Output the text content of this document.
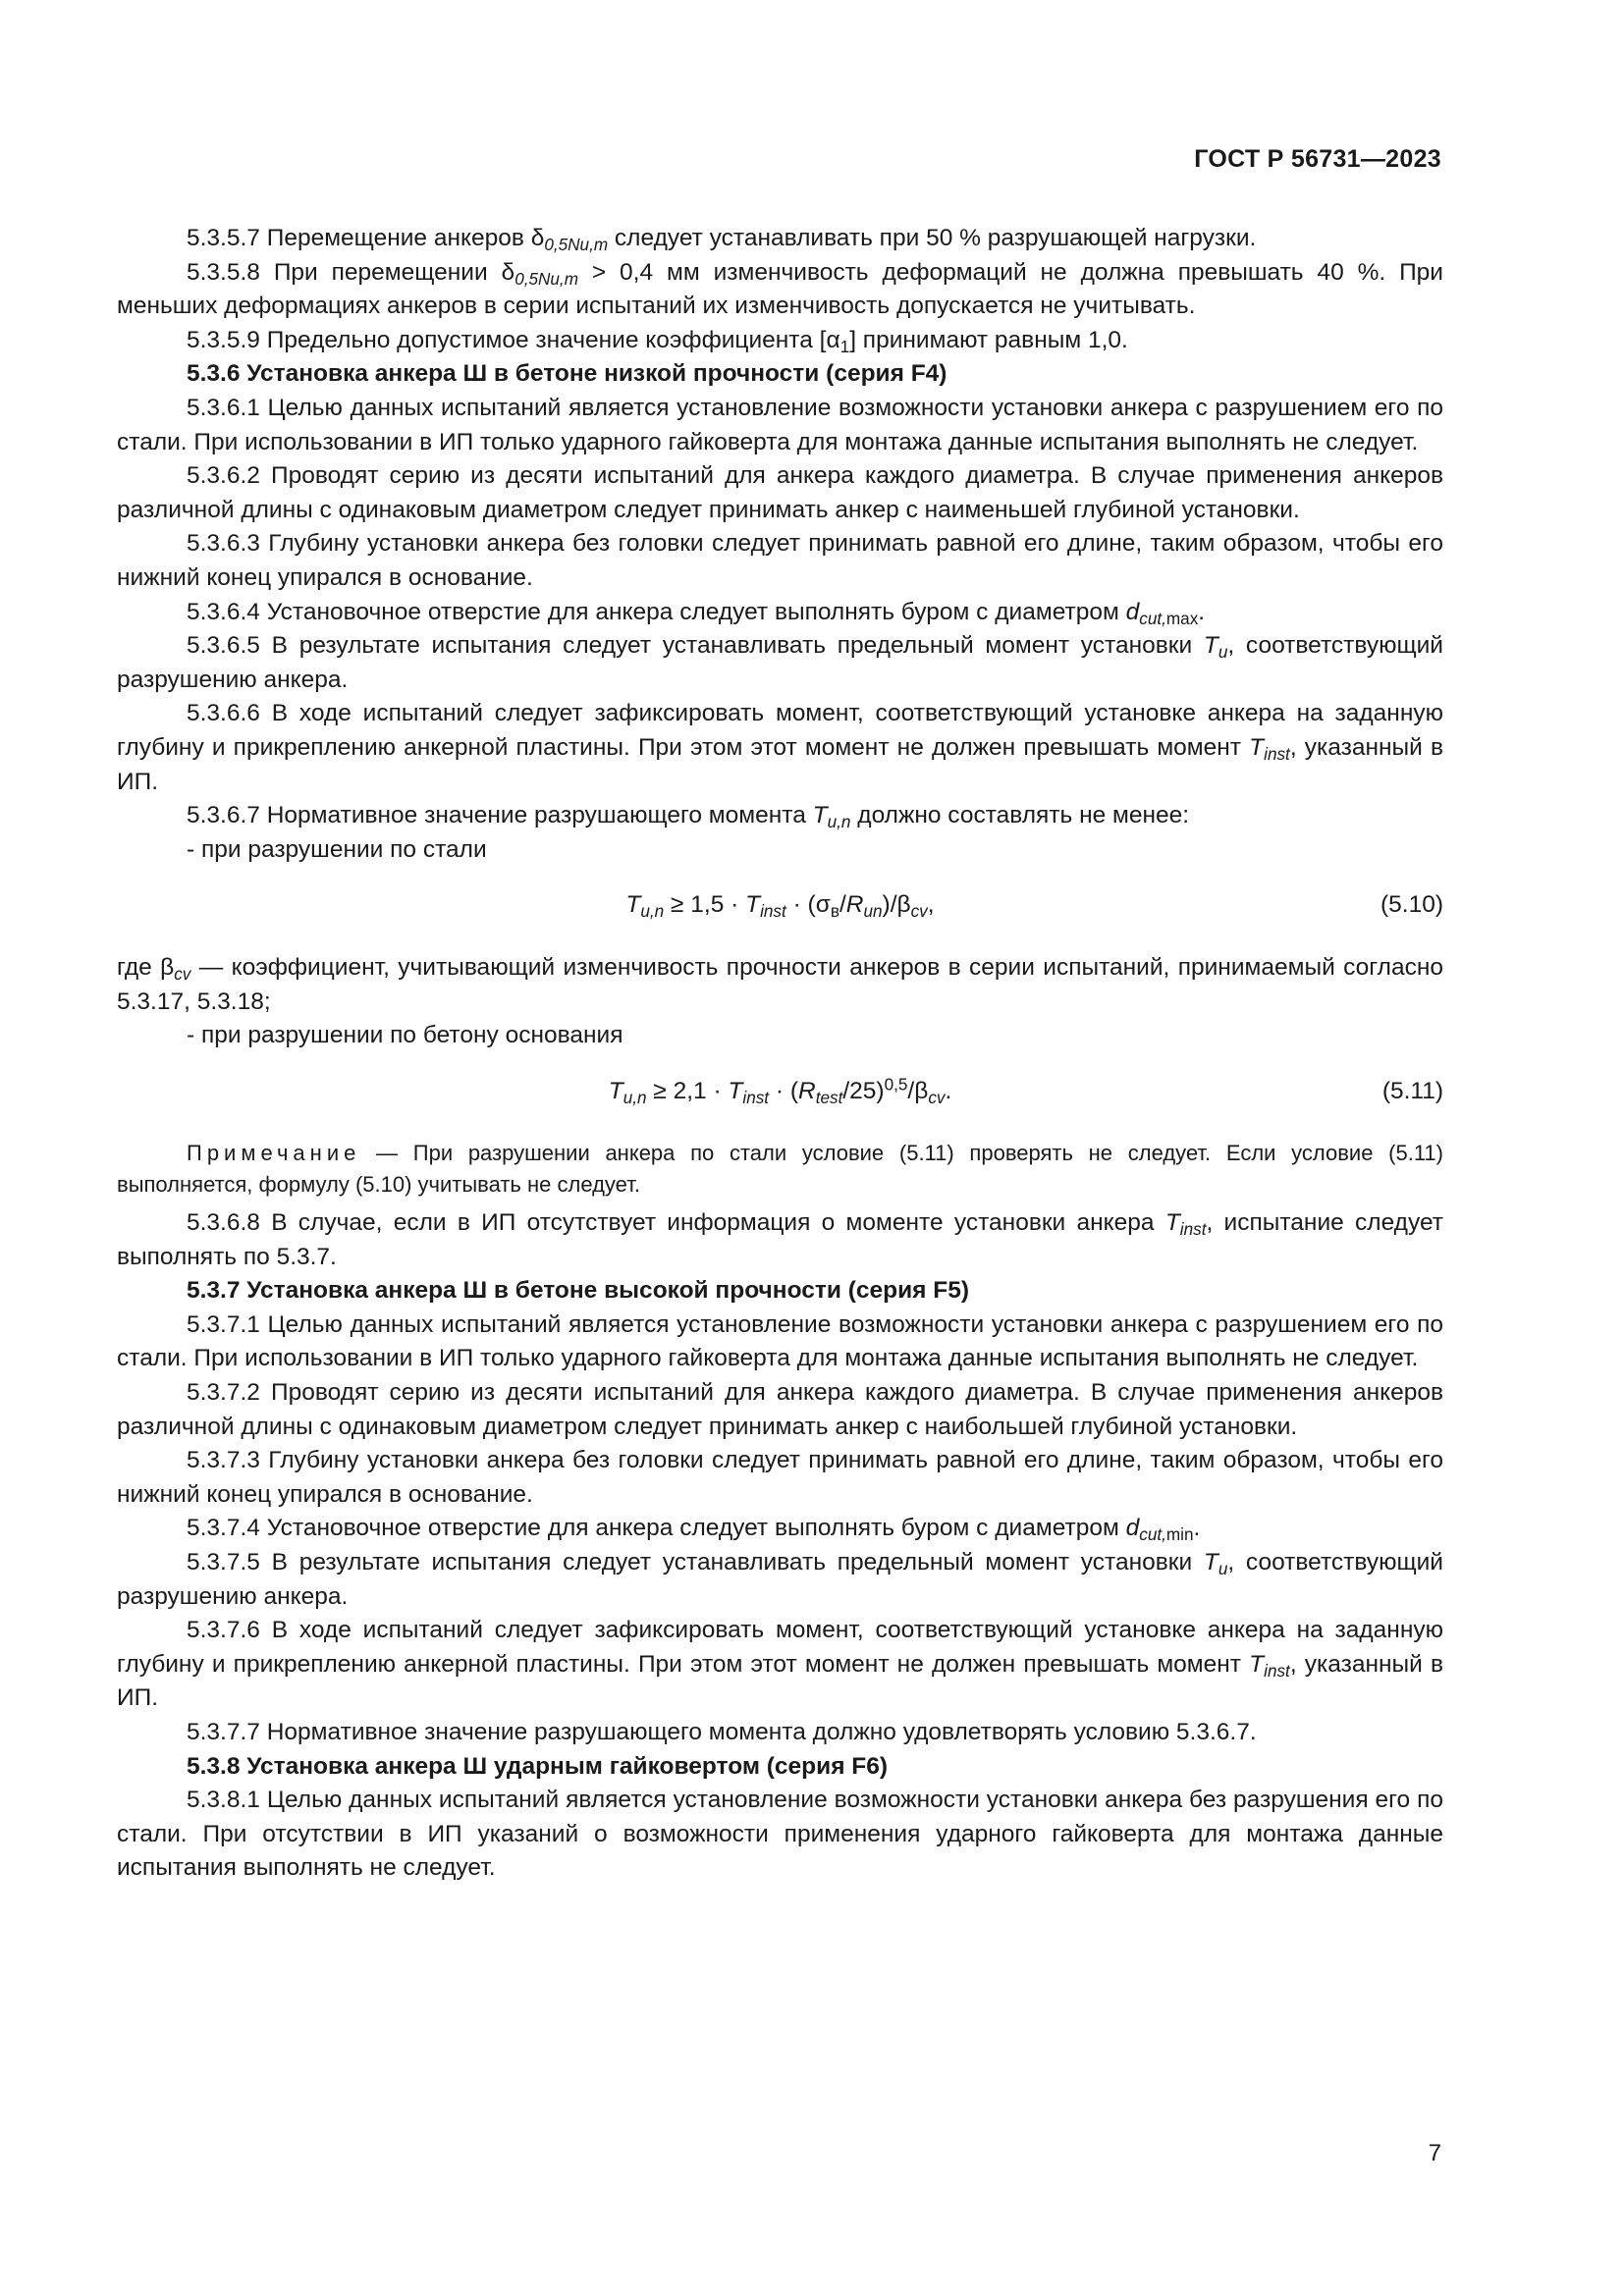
ГОСТ Р 56731—2023

5.3.5.7 Перемещение анкеров $\delta_{0,5Nu,m}$ следует устанавливать при 50 % разрушающей нагрузки.

5.3.5.8 При перемещении $\delta_{0,5Nu,m} > 0,4$ мм изменчивость деформаций не должна превышать 40 %. При меньших деформациях анкеров в серии испытаний их изменчивость допускается не учитывать.

5.3.5.9 Предельно допустимое значение коэффициента $[\alpha_1]$ принимают равным 1,0.

5.3.6 Установка анкера Ш в бетоне низкой прочности (серия F4)

5.3.6.1 Целью данных испытаний является установление возможности установки анкера с разрушением его по стали. При использовании в ИП только ударного гайковерта для монтажа данные испытания выполнять не следует.

5.3.6.2 Проводят серию из десяти испытаний для анкера каждого диаметра. В случае применения анкеров различной длины с одинаковым диаметром следует принимать анкер с наименьшей глубиной установки.

5.3.6.3 Глубину установки анкера без головки следует принимать равной его длине, таким образом, чтобы его нижний конец упирался в основание.

5.3.6.4 Установочное отверстие для анкера следует выполнять буром с диаметром $d_{cut,max}$.

5.3.6.5 В результате испытания следует устанавливать предельный момент установки $T_u$, соответствующий разрушению анкера.

5.3.6.6 В ходе испытаний следует зафиксировать момент, соответствующий установке анкера на заданную глубину и прикреплению анкерной пластины. При этом этот момент не должен превышать момент $T_{inst}$, указанный в ИП.

5.3.6.7 Нормативное значение разрушающего момента $T_{u,n}$ должно составлять не менее:

- при разрушении по стали

$T_{u,n} \ge 1,5 \cdot T_{inst} \cdot (\sigma_в/R_{un})/\beta_{cv}$,	(5.10)

где $\beta_{cv}$ — коэффициент, учитывающий изменчивость прочности анкеров в серии испытаний, принимаемый согласно 5.3.17, 5.3.18;

- при разрушении по бетону основания

$T_{u,n} \ge 2,1 \cdot T_{inst} \cdot (R_{test}/25)^{0,5}/\beta_{cv}$.	(5.11)

Примечание — При разрушении анкера по стали условие (5.11) проверять не следует. Если условие (5.11) выполняется, формулу (5.10) учитывать не следует.

5.3.6.8 В случае, если в ИП отсутствует информация о моменте установки анкера $T_{inst}$, испытание следует выполнять по 5.3.7.

5.3.7 Установка анкера Ш в бетоне высокой прочности (серия F5)

5.3.7.1 Целью данных испытаний является установление возможности установки анкера с разрушением его по стали. При использовании в ИП только ударного гайковерта для монтажа данные испытания выполнять не следует.

5.3.7.2 Проводят серию из десяти испытаний для анкера каждого диаметра. В случае применения анкеров различной длины с одинаковым диаметром следует принимать анкер с наибольшей глубиной установки.

5.3.7.3 Глубину установки анкера без головки следует принимать равной его длине, таким образом, чтобы его нижний конец упирался в основание.

5.3.7.4 Установочное отверстие для анкера следует выполнять буром с диаметром $d_{cut,min}$.

5.3.7.5 В результате испытания следует устанавливать предельный момент установки $T_u$, соответствующий разрушению анкера.

5.3.7.6 В ходе испытаний следует зафиксировать момент, соответствующий установке анкера на заданную глубину и прикреплению анкерной пластины. При этом этот момент не должен превышать момент $T_{inst}$, указанный в ИП.

5.3.7.7 Нормативное значение разрушающего момента должно удовлетворять условию 5.3.6.7.

5.3.8 Установка анкера Ш ударным гайковертом (серия F6)

5.3.8.1 Целью данных испытаний является установление возможности установки анкера без разрушения его по стали. При отсутствии в ИП указаний о возможности применения ударного гайковерта для монтажа данные испытания выполнять не следует.

7
